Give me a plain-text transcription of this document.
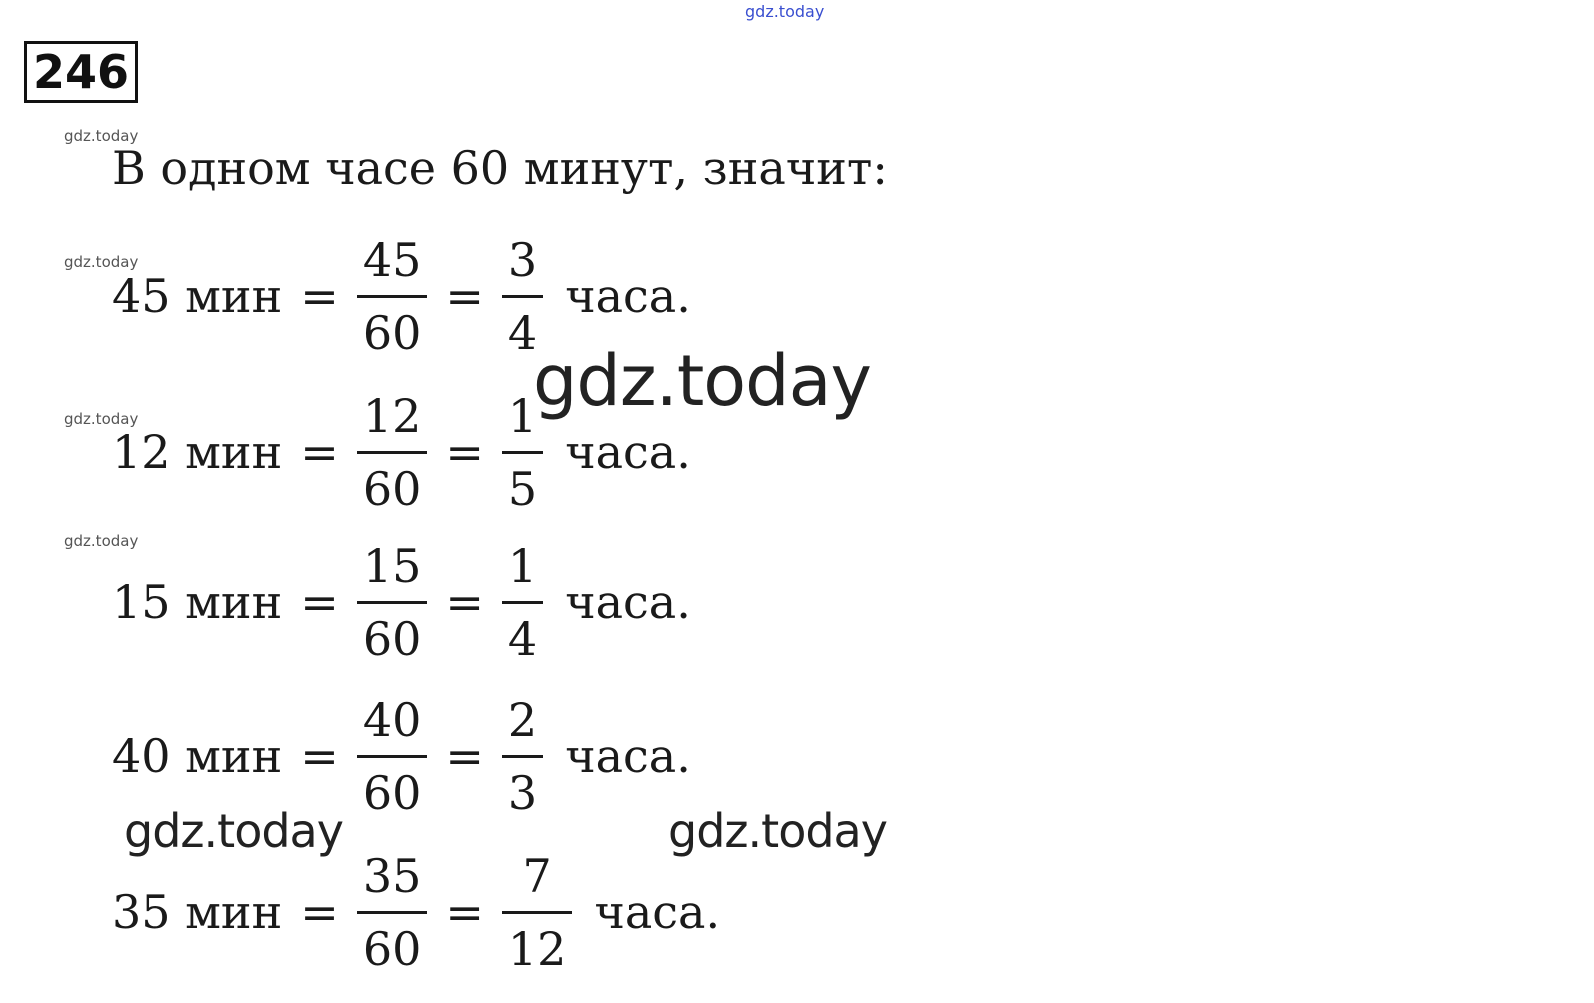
gdz.today
246
gdz.today
В одном часе 60 минут, значит:
gdz.today
45 мин = $\frac{45}{60} = \frac{3}{4}$ часа.
gdz.today
12 мин = $\frac{12}{60} = \frac{1}{5}$ часа.
gdz.today
15 мин = $\frac{15}{60} = \frac{1}{4}$ часа.
40 мин = $\frac{40}{60} = \frac{2}{3}$ часа.
35 мин = $\frac{35}{60} = \frac{7}{12}$ часа.
gdz.today
gdz.today	gdz.today
